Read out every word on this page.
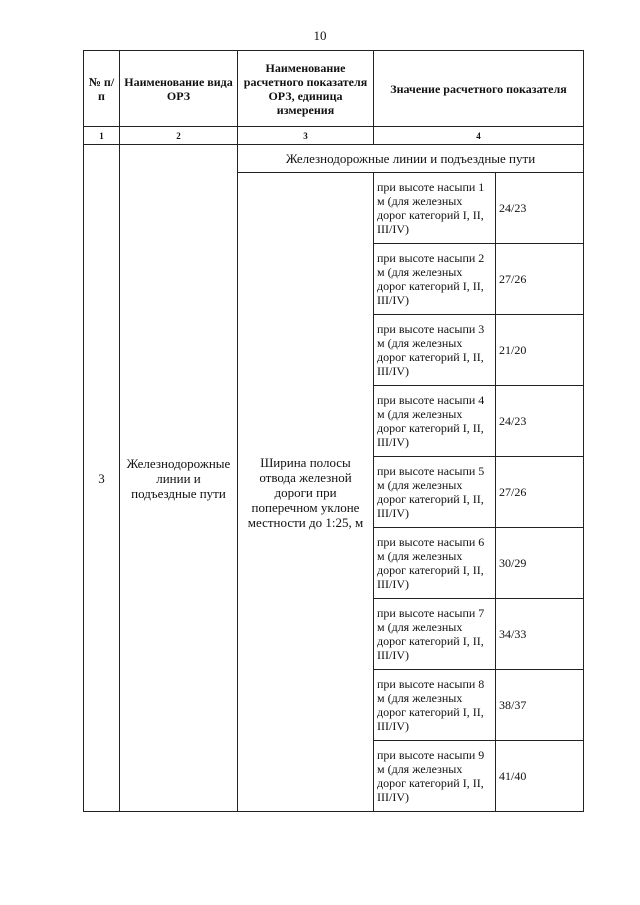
10
№ п/п	Наименование вида ОРЗ	Наименование расчетного показателя ОРЗ, единица измерения	Значение расчетного показателя	
1	2	3	4	
3	Железнодорожные линии и подъездные пути	Железнодорожные линии и подъездные пути		
		Ширина полосы отвода железной дороги при поперечном уклоне местности до 1:25, м	при высоте насыпи 1 м (для железных дорог категорий I, II, III/IV)	24/23
			при высоте насыпи 2 м (для железных дорог категорий I, II, III/IV)	27/26
			при высоте насыпи 3 м (для железных дорог категорий I, II, III/IV)	21/20
			при высоте насыпи 4 м (для железных дорог категорий I, II, III/IV)	24/23
			при высоте насыпи 5 м (для железных дорог категорий I, II, III/IV)	27/26
			при высоте насыпи 6 м (для железных дорог категорий I, II, III/IV)	30/29
			при высоте насыпи 7 м (для железных дорог категорий I, II, III/IV)	34/33
			при высоте насыпи 8 м (для железных дорог категорий I, II, III/IV)	38/37
			при высоте насыпи 9 м (для железных дорог категорий I, II, III/IV)	41/40
